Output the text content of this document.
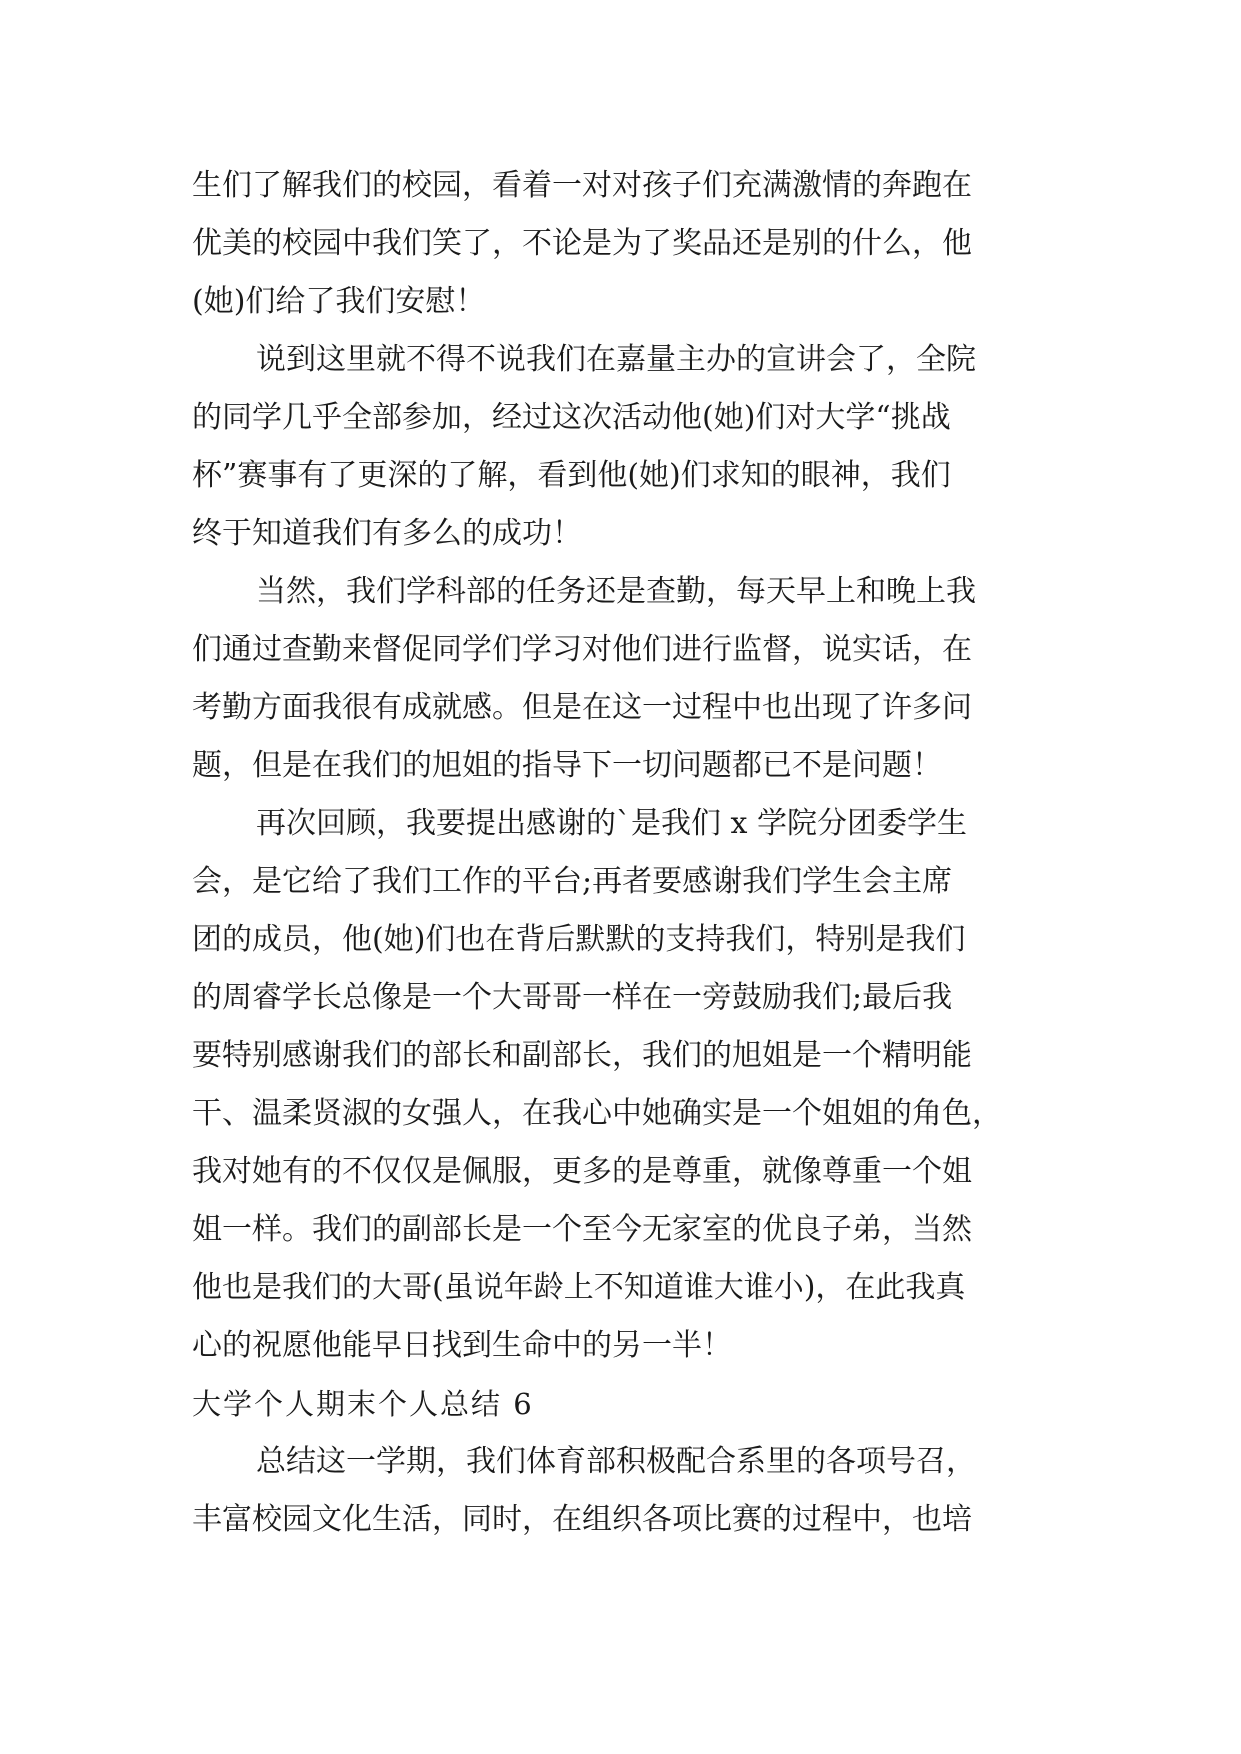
生们了解我们的校园，看着一对对孩子们充满激情的奔跑在
优美的校园中我们笑了，不论是为了奖品还是别的什么，他
(她)们给了我们安慰！
说到这里就不得不说我们在嘉量主办的宣讲会了，全院
的同学几乎全部参加，经过这次活动他(她)们对大学“挑战
杯”赛事有了更深的了解，看到他(她)们求知的眼神，我们
终于知道我们有多么的成功！
当然，我们学科部的任务还是查勤，每天早上和晚上我
们通过查勤来督促同学们学习对他们进行监督，说实话，在
考勤方面我很有成就感。但是在这一过程中也出现了许多问
题，但是在我们的旭姐的指导下一切问题都已不是问题！
再次回顾，我要提出感谢的`是我们 x 学院分团委学生
会，是它给了我们工作的平台;再者要感谢我们学生会主席
团的成员，他(她)们也在背后默默的支持我们，特别是我们
的周睿学长总像是一个大哥哥一样在一旁鼓励我们;最后我
要特别感谢我们的部长和副部长，我们的旭姐是一个精明能
干、温柔贤淑的女强人，在我心中她确实是一个姐姐的角色，
我对她有的不仅仅是佩服，更多的是尊重，就像尊重一个姐
姐一样。我们的副部长是一个至今无家室的优良子弟，当然
他也是我们的大哥(虽说年龄上不知道谁大谁小)，在此我真
心的祝愿他能早日找到生命中的另一半！
大学个人期末个人总结 6
总结这一学期，我们体育部积极配合系里的各项号召，
丰富校园文化生活，同时，在组织各项比赛的过程中，也培
